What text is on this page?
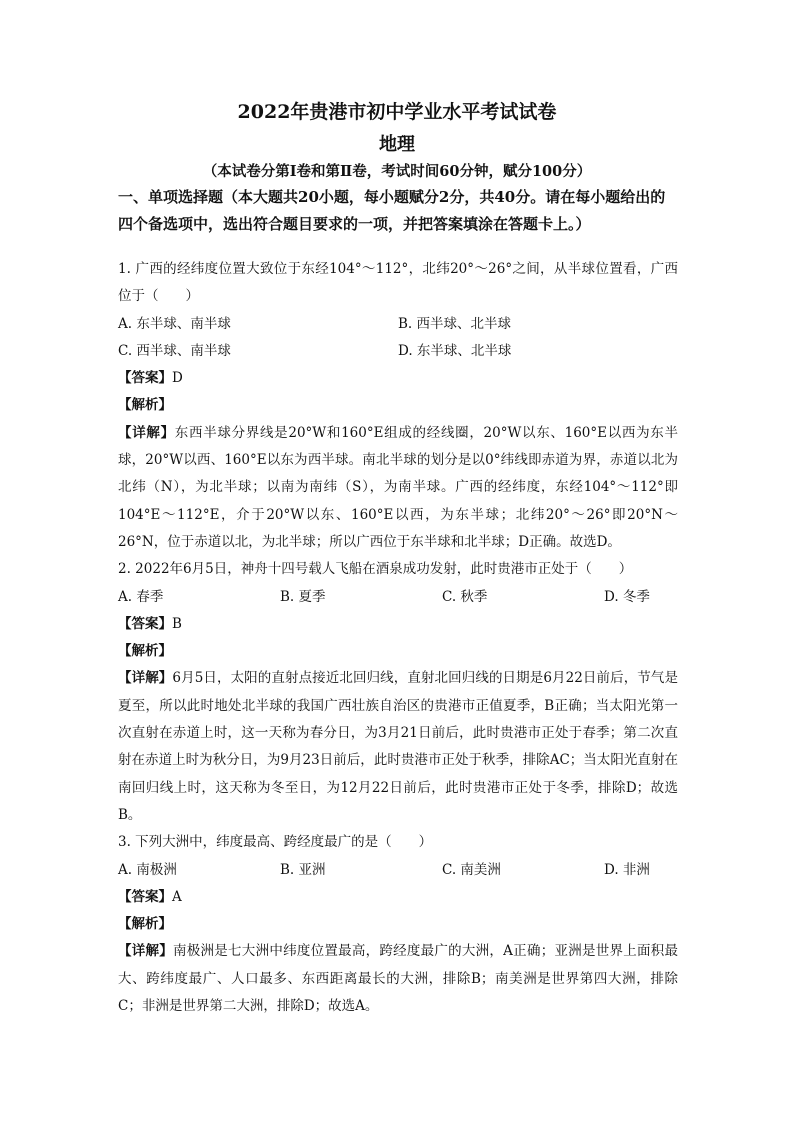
2022年贵港市初中学业水平考试试卷
地理
（本试卷分第Ⅰ卷和第Ⅱ卷，考试时间60分钟，赋分100分）
一、单项选择题（本大题共20小题，每小题赋分2分，共40分。请在每小题给出的四个备选项中，选出符合题目要求的一项，并把答案填涂在答题卡上。）
1. 广西的经纬度位置大致位于东经104°～112°，北纬20°～26°之间，从半球位置看，广西位于（　　）
A. 东半球、南半球	B. 西半球、北半球
C. 西半球、南半球	D. 东半球、北半球
【答案】 D
【解析】
【详解】东西半球分界线是20°W和160°E组成的经线圈，20°W以东、160°E以西为东半球，20°W以西、160°E以东为西半球。南北半球的划分是以0°纬线即赤道为界，赤道以北为北纬（N），为北半球；以南为南纬（S），为南半球。广西的经纬度，东经104°～112°即104°E～112°E，介于20°W以东、160°E以西，为东半球；北纬20°～26°即20°N～26°N，位于赤道以北，为北半球；所以广西位于东半球和北半球；D正确。故选D。
2. 2022年6月5日，神舟十四号载人飞船在酒泉成功发射，此时贵港市正处于（　　）
A. 春季	B. 夏季	C. 秋季	D. 冬季
【答案】 B
【解析】
【详解】6月5日，太阳的直射点接近北回归线，直射北回归线的日期是6月22日前后，节气是夏至，所以此时地处北半球的我国广西壮族自治区的贵港市正值夏季，B正确；当太阳光第一次直射在赤道上时，这一天称为春分日，为3月21日前后，此时贵港市正处于春季；第二次直射在赤道上时为秋分日，为9月23日前后，此时贵港市正处于秋季，排除AC；当太阳光直射在南回归线上时，这天称为冬至日，为12月22日前后，此时贵港市正处于冬季，排除D；故选B。
3. 下列大洲中，纬度最高、跨经度最广的是（　　）
A. 南极洲	B. 亚洲	C. 南美洲	D. 非洲
【答案】 A
【解析】
【详解】南极洲是七大洲中纬度位置最高，跨经度最广的大洲，A正确；亚洲是世界上面积最大、跨纬度最广、人口最多、东西距离最长的大洲，排除B；南美洲是世界第四大洲，排除C；非洲是世界第二大洲，排除D；故选A。
